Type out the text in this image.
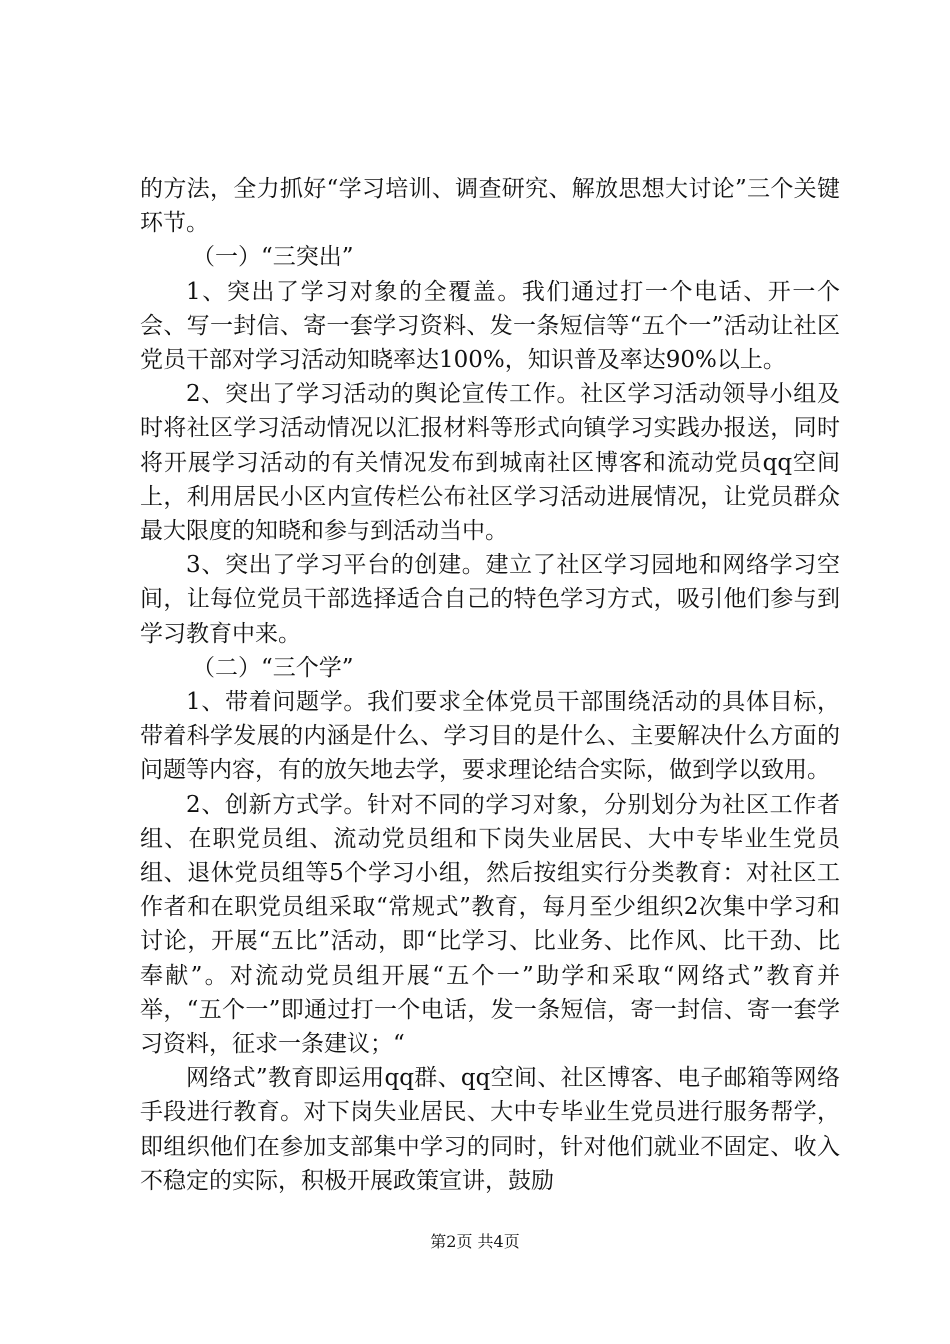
的方法，全力抓好“学习培训、调查研究、解放思想大讨论”三个关键环节。

（一）“三突出”

1、突出了学习对象的全覆盖。我们通过打一个电话、开一个会、写一封信、寄一套学习资料、发一条短信等“五个一”活动让社区党员干部对学习活动知晓率达100%，知识普及率达90%以上。

2、突出了学习活动的舆论宣传工作。社区学习活动领导小组及时将社区学习活动情况以汇报材料等形式向镇学习实践办报送，同时将开展学习活动的有关情况发布到城南社区博客和流动党员qq空间上，利用居民小区内宣传栏公布社区学习活动进展情况，让党员群众最大限度的知晓和参与到活动当中。

3、突出了学习平台的创建。建立了社区学习园地和网络学习空间，让每位党员干部选择适合自己的特色学习方式，吸引他们参与到学习教育中来。

（二）“三个学”

1、带着问题学。我们要求全体党员干部围绕活动的具体目标，带着科学发展的内涵是什么、学习目的是什么、主要解决什么方面的问题等内容，有的放矢地去学，要求理论结合实际，做到学以致用。

2、创新方式学。针对不同的学习对象，分别划分为社区工作者组、在职党员组、流动党员组和下岗失业居民、大中专毕业生党员组、退休党员组等5个学习小组，然后按组实行分类教育：对社区工作者和在职党员组采取“常规式”教育，每月至少组织2次集中学习和讨论，开展“五比”活动，即“比学习、比业务、比作风、比干劲、比奉献”。对流动党员组开展“五个一”助学和采取“网络式”教育并举，“五个一”即通过打一个电话，发一条短信，寄一封信、寄一套学习资料，征求一条建议；“

网络式”教育即运用qq群、qq空间、社区博客、电子邮箱等网络手段进行教育。对下岗失业居民、大中专毕业生党员进行服务帮学，即组织他们在参加支部集中学习的同时，针对他们就业不固定、收入不稳定的实际，积极开展政策宣讲，鼓励

第2页 共4页
